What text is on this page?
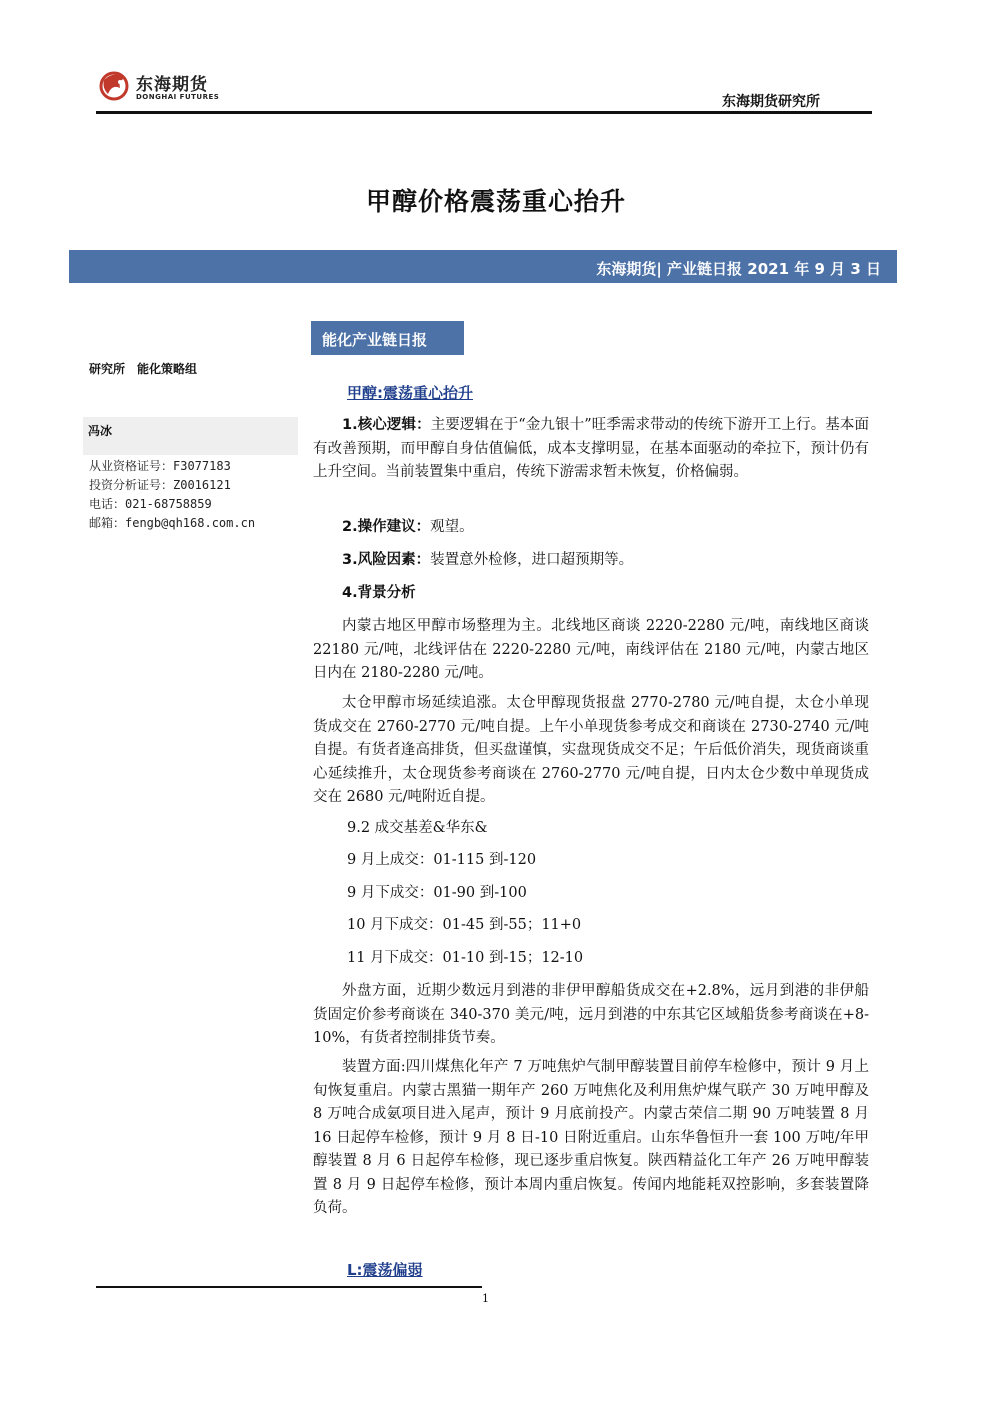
东海期货
DONGHAI FUTURES	东海期货研究所
甲醇价格震荡重心抬升
东海期货| 产业链日报 2021 年 9 月 3 日
研究所 能化策略组
冯冰
从业资格证号：F3077183
投资分析证号：Z0016121
电话：021-68758859
邮箱：fengb@qh168.com.cn
能化产业链日报
甲醇:震荡重心抬升

1.核心逻辑：主要逻辑在于“金九银十”旺季需求带动的传统下游开工上行。基本面有改善预期，而甲醇自身估值偏低，成本支撑明显，在基本面驱动的牵拉下，预计仍有上升空间。当前装置集中重启，传统下游需求暂未恢复，价格偏弱。

2.操作建议：观望。

3.风险因素：装置意外检修，进口超预期等。

4.背景分析

内蒙古地区甲醇市场整理为主。北线地区商谈 2220-2280 元/吨，南线地区商谈 22180 元/吨，北线评估在 2220-2280 元/吨，南线评估在 2180 元/吨，内蒙古地区日内在 2180-2280 元/吨。

太仓甲醇市场延续追涨。太仓甲醇现货报盘 2770-2780 元/吨自提，太仓小单现货成交在 2760-2770 元/吨自提。上午小单现货参考成交和商谈在 2730-2740 元/吨自提。有货者逢高排货，但买盘谨慎，实盘现货成交不足；午后低价消失，现货商谈重心延续推升，太仓现货参考商谈在 2760-2770 元/吨自提，日内太仓少数中单现货成交在 2680 元/吨附近自提。

9.2 成交基差&华东&
9 月上成交：01-115 到-120
9 月下成交：01-90 到-100
10 月下成交：01-45 到-55；11+0
11 月下成交：01-10 到-15；12-10

外盘方面，近期少数远月到港的非伊甲醇船货成交在+2.8%，远月到港的非伊船货固定价参考商谈在 340-370 美元/吨，远月到港的中东其它区域船货参考商谈在+8-10%，有货者控制排货节奏。

装置方面:四川煤焦化年产 7 万吨焦炉气制甲醇装置目前停车检修中，预计 9 月上旬恢复重启。内蒙古黑猫一期年产 260 万吨焦化及利用焦炉煤气联产 30 万吨甲醇及 8 万吨合成氨项目进入尾声，预计 9 月底前投产。内蒙古荣信二期 90 万吨装置 8 月 16 日起停车检修，预计 9 月 8 日-10 日附近重启。山东华鲁恒升一套 100 万吨/年甲醇装置 8 月 6 日起停车检修，现已逐步重启恢复。陕西精益化工年产 26 万吨甲醇装置 8 月 9 日起停车检修，预计本周内重启恢复。传闻内地能耗双控影响，多套装置降负荷。

L:震荡偏弱
1
